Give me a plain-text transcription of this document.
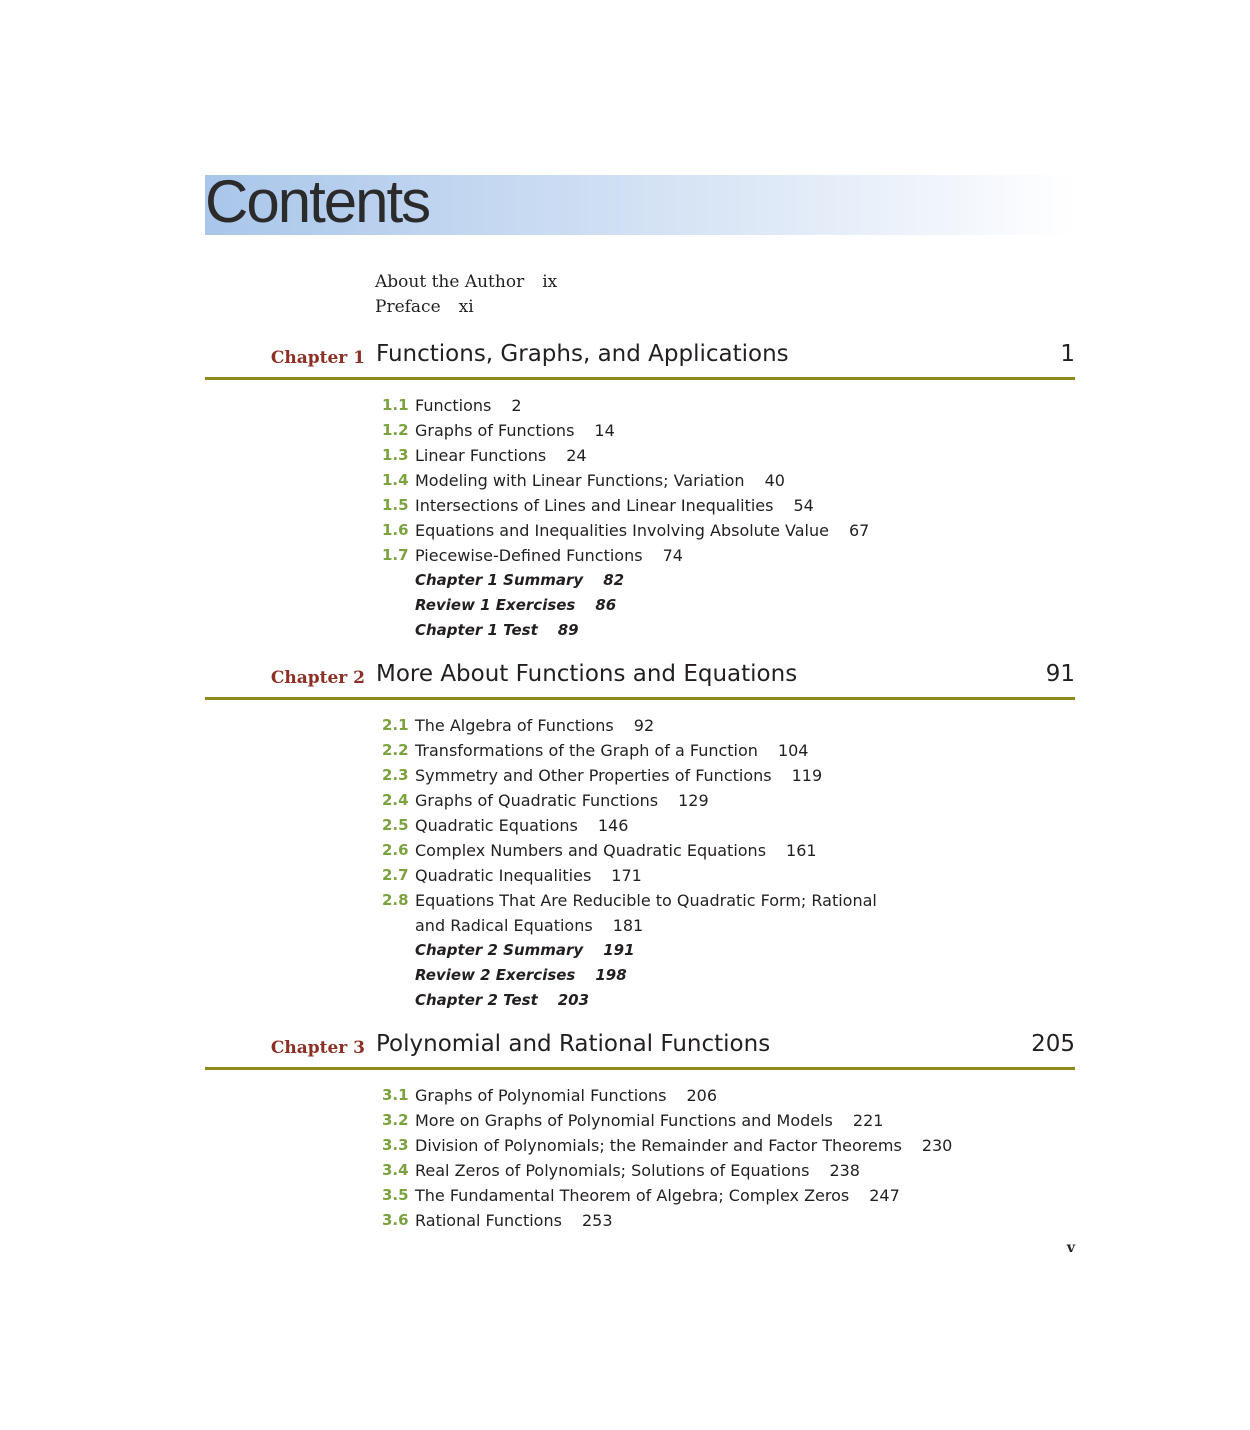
Contents
About the Author ix
Preface xi
Chapter 1 Functions, Graphs, and Applications	1
1.1 Functions 2
1.2 Graphs of Functions 14
1.3 Linear Functions 24
1.4 Modeling with Linear Functions; Variation 40
1.5 Intersections of Lines and Linear Inequalities 54
1.6 Equations and Inequalities Involving Absolute Value 67
1.7 Piecewise-Defined Functions 74
Chapter 1 Summary 82
Review 1 Exercises 86
Chapter 1 Test 89
Chapter 2 More About Functions and Equations	91
2.1 The Algebra of Functions 92
2.2 Transformations of the Graph of a Function 104
2.3 Symmetry and Other Properties of Functions 119
2.4 Graphs of Quadratic Functions 129
2.5 Quadratic Equations 146
2.6 Complex Numbers and Quadratic Equations 161
2.7 Quadratic Inequalities 171
2.8 Equations That Are Reducible to Quadratic Form; Rational
and Radical Equations 181
Chapter 2 Summary 191
Review 2 Exercises 198
Chapter 2 Test 203
Chapter 3 Polynomial and Rational Functions	205
3.1 Graphs of Polynomial Functions 206
3.2 More on Graphs of Polynomial Functions and Models 221
3.3 Division of Polynomials; the Remainder and Factor Theorems 230
3.4 Real Zeros of Polynomials; Solutions of Equations 238
3.5 The Fundamental Theorem of Algebra; Complex Zeros 247
3.6 Rational Functions 253
v
